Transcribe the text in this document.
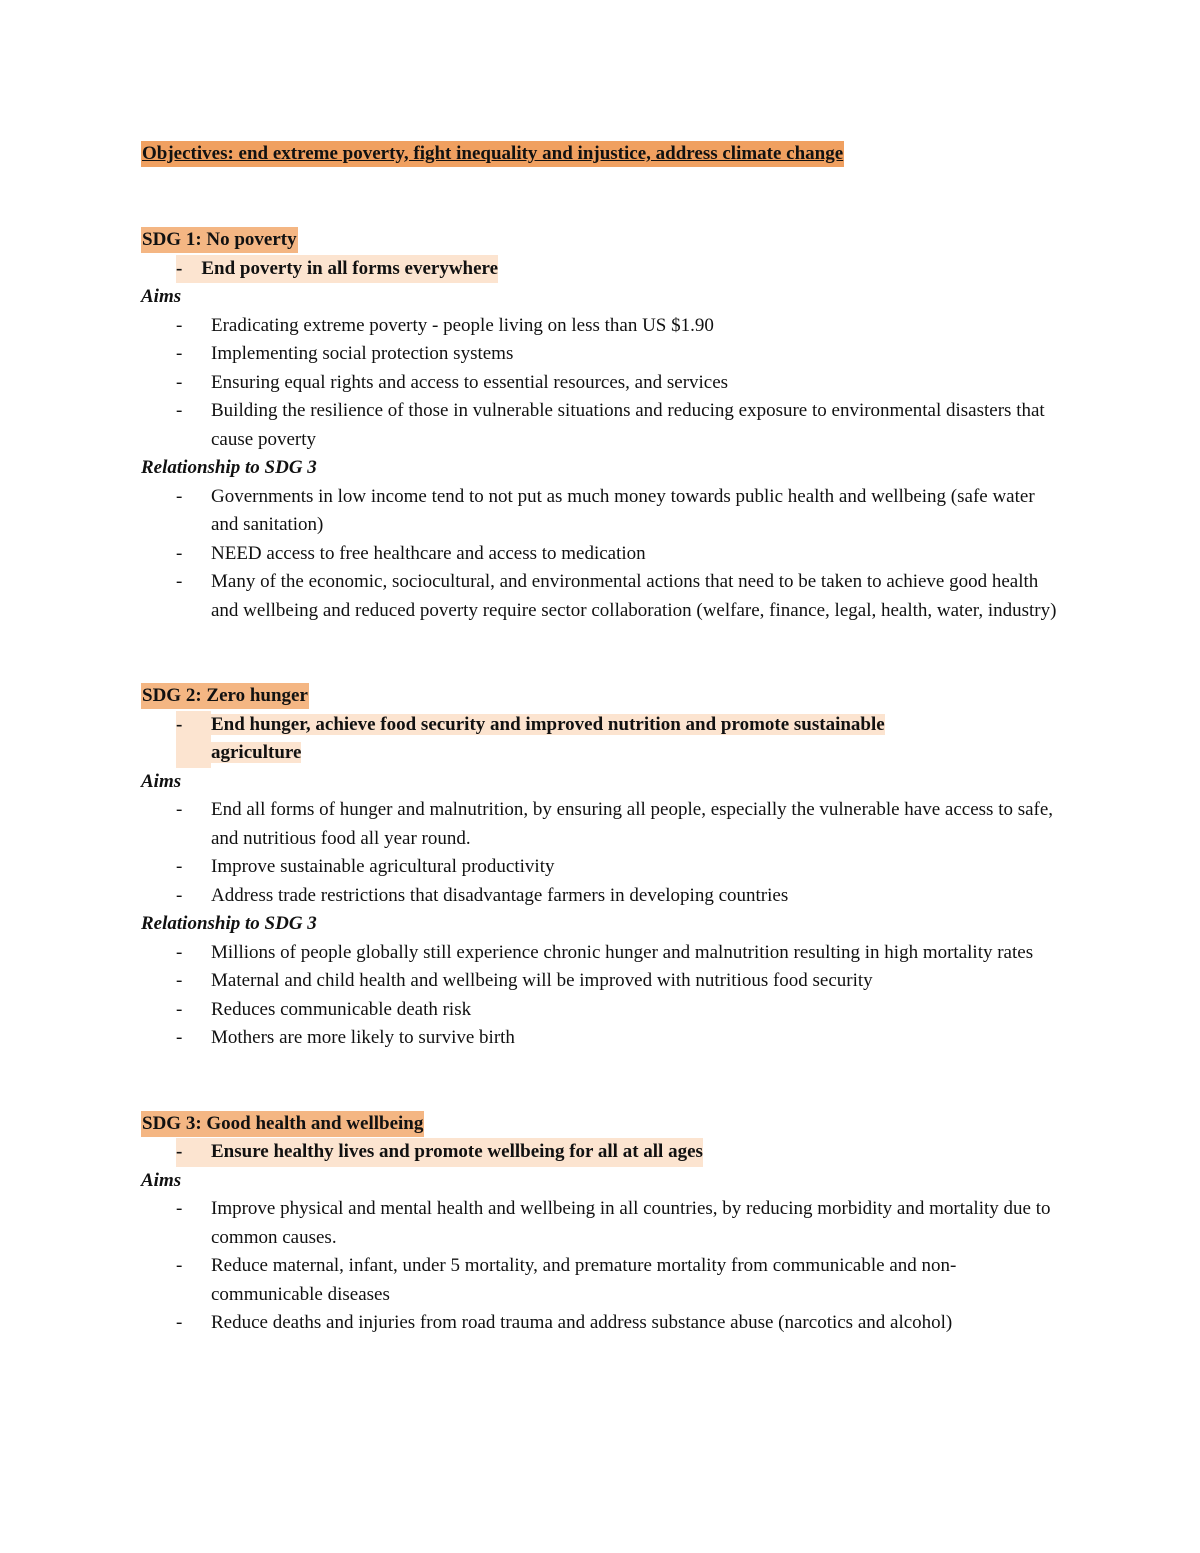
Objectives: end extreme poverty, fight inequality and injustice, address climate change
SDG 1: No poverty
- End poverty in all forms everywhere
Aims
-	Eradicating extreme poverty - people living on less than US $1.90
-	Implementing social protection systems
-	Ensuring equal rights and access to essential resources, and services
-	Building the resilience of those in vulnerable situations and reducing exposure to environmental disasters that cause poverty
Relationship to SDG 3
-	Governments in low income tend to not put as much money towards public health and wellbeing (safe water and sanitation)
-	NEED access to free healthcare and access to medication
-	Many of the economic, sociocultural, and environmental actions that need to be taken to achieve good health and wellbeing and reduced poverty require sector collaboration (welfare, finance, legal, health, water, industry)
SDG 2: Zero hunger
-	End hunger, achieve food security and improved nutrition and promote sustainable
agriculture
Aims
-	End all forms of hunger and malnutrition, by ensuring all people, especially the vulnerable have access to safe, and nutritious food all year round.
-	Improve sustainable agricultural productivity
-	Address trade restrictions that disadvantage farmers in developing countries
Relationship to SDG 3
-	Millions of people globally still experience chronic hunger and malnutrition resulting in high mortality rates
-	Maternal and child health and wellbeing will be improved with nutritious food security
-	Reduces communicable death risk
-	Mothers are more likely to survive birth
SDG 3: Good health and wellbeing
-	Ensure healthy lives and promote wellbeing for all at all ages
Aims
-	Improve physical and mental health and wellbeing in all countries, by reducing morbidity and mortality due to common causes.
-	Reduce maternal, infant, under 5 mortality, and premature mortality from communicable and non-communicable diseases
-	Reduce deaths and injuries from road trauma and address substance abuse (narcotics and alcohol)
